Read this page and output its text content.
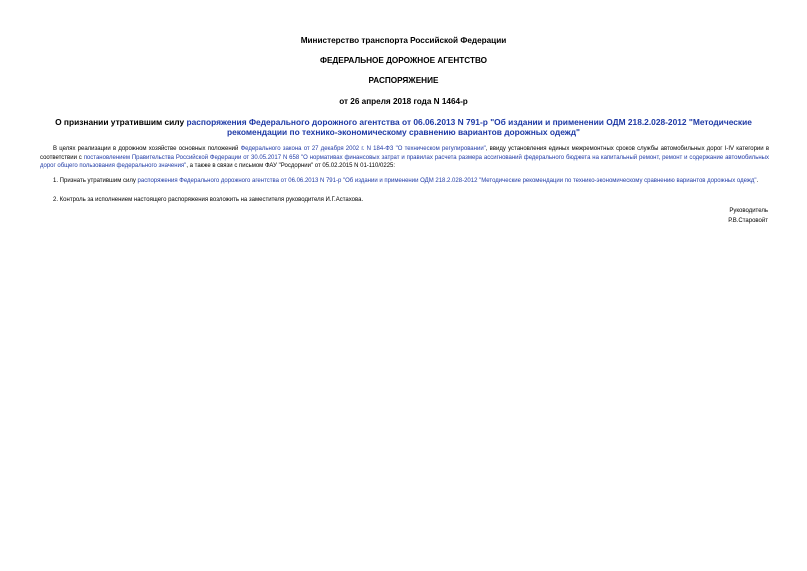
Министерство транспорта Российской Федерации
ФЕДЕРАЛЬНОЕ ДОРОЖНОЕ АГЕНТСТВО
РАСПОРЯЖЕНИЕ
от 26 апреля 2018 года N 1464-р
О признании утратившим силу распоряжения Федерального дорожного агентства от 06.06.2013 N 791-р "Об издании и применении ОДМ 218.2.028-2012 "Методические рекомендации по технико-экономическому сравнению вариантов дорожных одежд"

В целях реализации в дорожном хозяйстве основных положений Федерального закона от 27 декабря 2002 г. N 184-ФЗ "О техническом регулировании", ввиду установления единых межремонтных сроков службы автомобильных дорог I-IV категории в соответствии с постановлением Правительства Российской Федерации от 30.05.2017 N 658 "О нормативах финансовых затрат и правилах расчета размера ассигнований федерального бюджета на капитальный ремонт, ремонт и содержание автомобильных дорог общего пользования федерального значения", а также в связи с письмом ФАУ "Росдорнии" от 05.02.2015 N 01-110/0225:

1. Признать утратившим силу распоряжения Федерального дорожного агентства от 06.06.2013 N 791-р "Об издании и применении ОДМ 218.2.028-2012 "Методические рекомендации по технико-экономическому сравнению вариантов дорожных одежд".

2. Контроль за исполнением настоящего распоряжения возложить на заместителя руководителя И.Г.Астахова.

Руководитель
Р.В.Старовойт
